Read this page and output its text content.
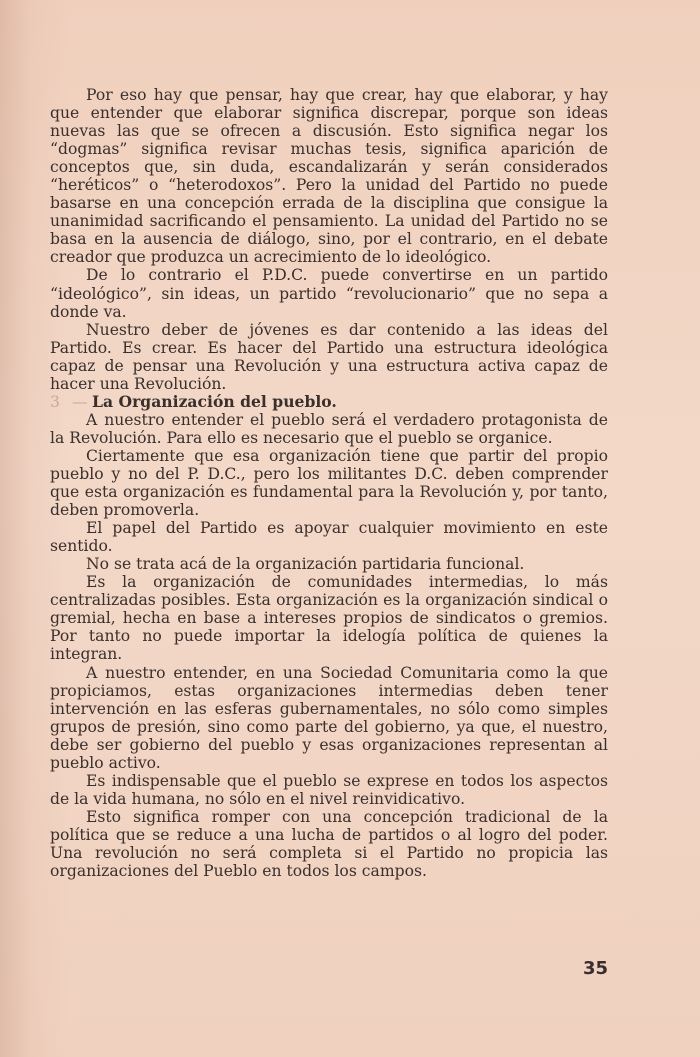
Por eso hay que pensar, hay que crear, hay que elaborar, y hay que entender que elaborar significa discrepar, porque son ideas nuevas las que se ofrecen a discusión. Esto significa negar los “dogmas” significa revisar muchas tesis, significa aparición de conceptos que, sin duda, escandalizarán y serán considerados “heréticos” o “heterodoxos”. Pero la unidad del Partido no puede basarse en una concepción errada de la disciplina que consigue la unanimidad sacrificando el pensamiento. La unidad del Partido no se basa en la ausencia de diálogo, sino, por el contrario, en el debate creador que produzca un acrecimiento de lo ideológico.

De lo contrario el P.D.C. puede convertirse en un partido “ideológico”, sin ideas, un partido “revolucionario” que no sepa a donde va.

Nuestro deber de jóvenes es dar contenido a las ideas del Partido. Es crear. Es hacer del Partido una estructura ideológica capaz de pensar una Revolución y una estructura activa capaz de hacer una Revolución.

3 — La Organización del pueblo.

A nuestro entender el pueblo será el verdadero protagonista de la Revolución. Para ello es necesario que el pueblo se organice.

Ciertamente que esa organización tiene que partir del propio pueblo y no del P. D.C., pero los militantes D.C. deben comprender que esta organización es fundamental para la Revolución y, por tanto, deben promoverla.

El papel del Partido es apoyar cualquier movimiento en este sentido.

No se trata acá de la organización partidaria funcional.

Es la organización de comunidades intermedias, lo más centralizadas posibles. Esta organización es la organización sindical o gremial, hecha en base a intereses propios de sindicatos o gremios. Por tanto no puede importar la idelogía política de quienes la integran.

A nuestro entender, en una Sociedad Comunitaria como la que propiciamos, estas organizaciones intermedias deben tener intervención en las esferas gubernamentales, no sólo como simples grupos de presión, sino como parte del gobierno, ya que, el nuestro, debe ser gobierno del pueblo y esas organizaciones representan al pueblo activo.

Es indispensable que el pueblo se exprese en todos los aspectos de la vida humana, no sólo en el nivel reinvidicativo.

Esto significa romper con una concepción tradicional de la política que se reduce a una lucha de partidos o al logro del poder. Una revolución no será completa si el Partido no propicia las organizaciones del Pueblo en todos los campos.

35
